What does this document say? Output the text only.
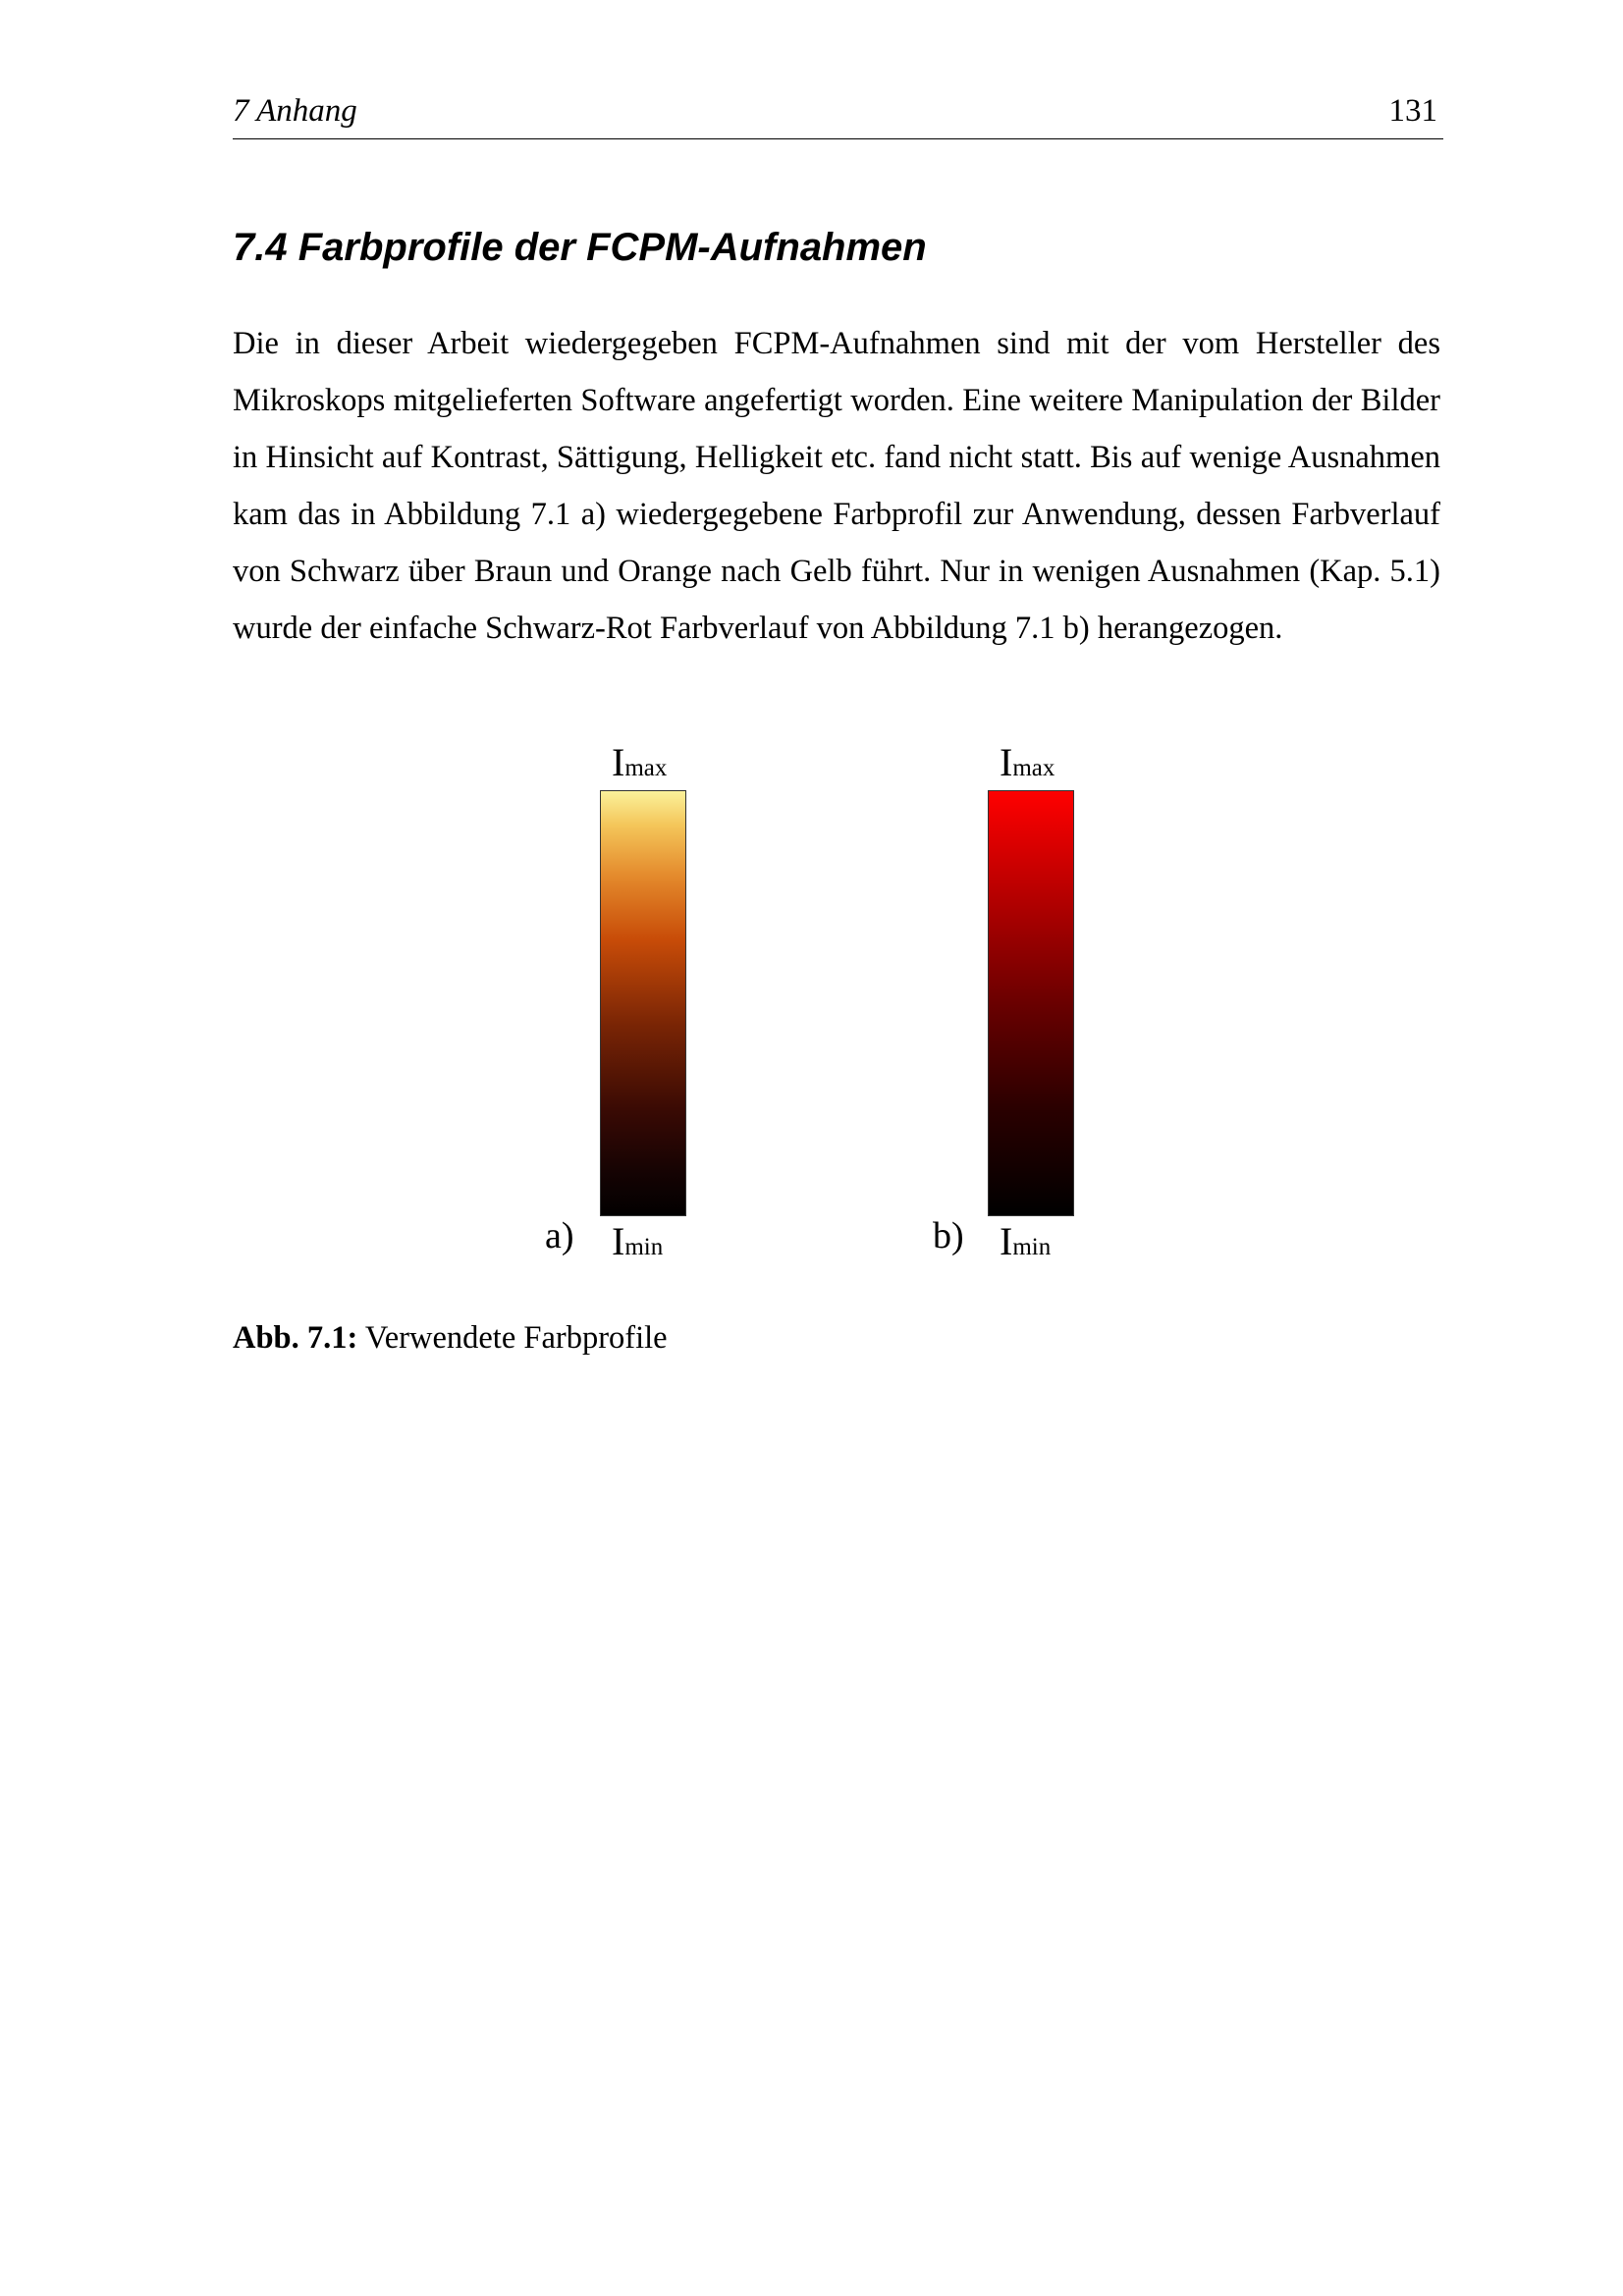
7 Anhang	131
7.4 Farbprofile der FCPM-Aufnahmen

Die in dieser Arbeit wiedergegeben FCPM-Aufnahmen sind mit der vom Hersteller des Mikroskops mitgelieferten Software angefertigt worden. Eine weitere Manipulation der Bilder in Hinsicht auf Kontrast, Sättigung, Helligkeit etc. fand nicht statt. Bis auf wenige Ausnahmen kam das in Abbildung 7.1 a) wiedergegebene Farbprofil zur Anwendung, dessen Farbverlauf von Schwarz über Braun und Orange nach Gelb führt. Nur in wenigen Ausnahmen (Kap. 5.1) wurde der einfache Schwarz-Rot Farbverlauf von Abbildung 7.1 b) herangezogen.

Imax
a) Imin
Imax
b) Imin

Abb. 7.1: Verwendete Farbprofile
